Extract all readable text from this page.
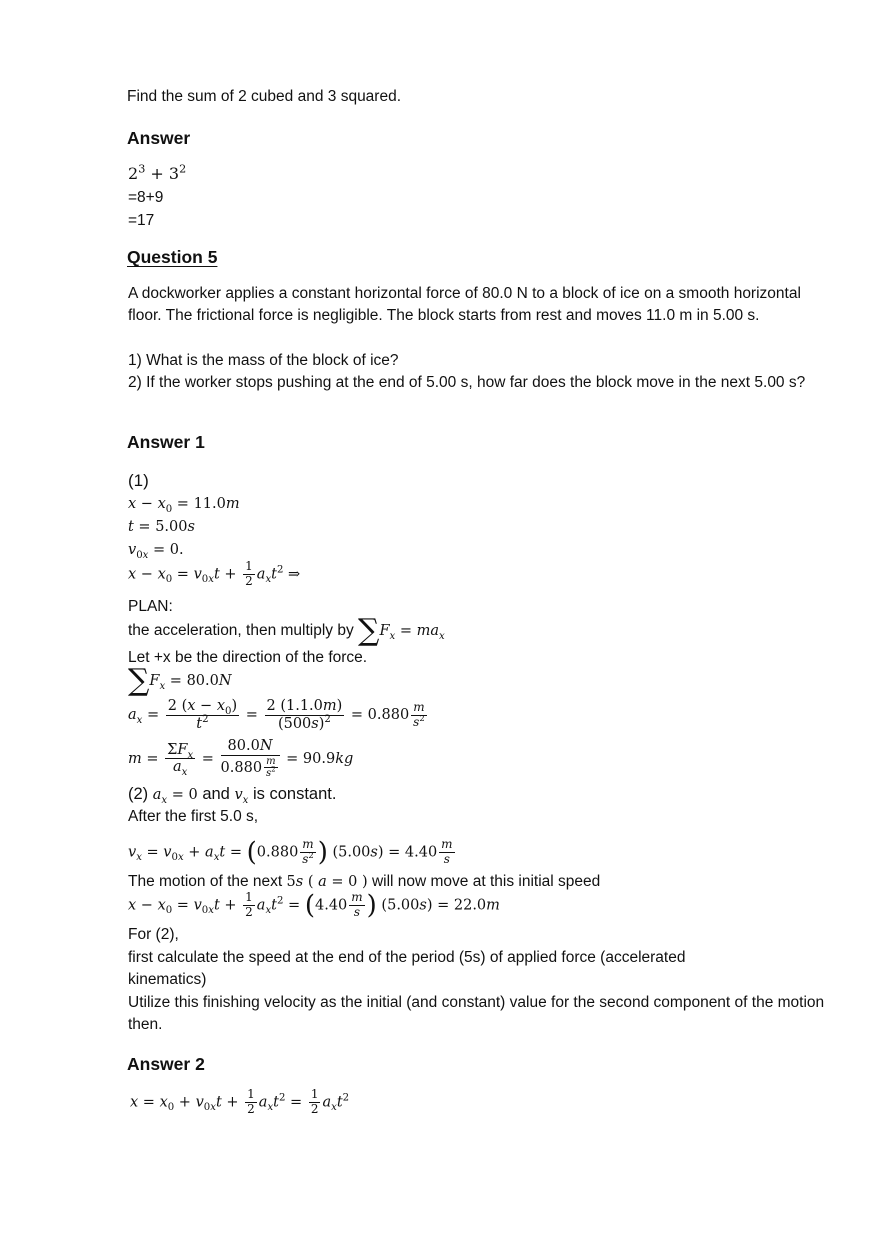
Find the sum of 2 cubed and 3 squared.
Answer
$2^3 + 3^2$
=8+9
=17
Question 5
A dockworker applies a constant horizontal force of 80.0 N to a block of ice on a smooth horizontal floor. The frictional force is negligible. The block starts from rest and moves 11.0 m in 5.00 s.
1) What is the mass of the block of ice?
2) If the worker stops pushing at the end of 5.00 s, how far does the block move in the next 5.00 s?
Answer 1
(1)
$x - x_0 = 11.0m$
t = 5.00s
$v_{0x} = 0$.
$x - x_0 = v_{0x}t + \frac{1}{2} a_xt^2$ ⇒
PLAN:
the acceleration, then multiply by $\sum F_x = ma_x$
Let +x be the direction of the force.
$\sum F_x = 80.0N$
$a_x = \frac{2 (x - x_0)}{t^2} = \frac{2 (1.1.0m)}{(500s)^2} = 0.880 \frac{m}{s^2}$
$m = \frac{\Sigma F_x}{a_x} = \frac{80.0N}{0.880 \frac{m}{s^2}} = 90.9kg$
(2) $a_x = 0$ and $v_x$ is constant.
After the first 5.0 s,
$v_x = v_{0x} + a_xt = (0.880 \frac{m}{s^2}$ ) $(5.00s) = 4.40 \frac{m}{s}$
The motion of the next 5s ( a = 0 ) will now move at this initial speed
$x - x_0 = v_{0x}t + \frac{1}{2} a_xt^2 = (4.40 \frac{m}{s}$ ) (5.00s) = 22.0m
For (2),
first calculate the speed at the end of the period (5s) of applied force (accelerated kinematics)
Utilize this finishing velocity as the initial (and constant) value for the second component of the motion then.
Answer 2
$x = x_0 + v_{0x}t + \frac{1}{2} a_xt^2 = \frac{1}{2} a_xt^2$
